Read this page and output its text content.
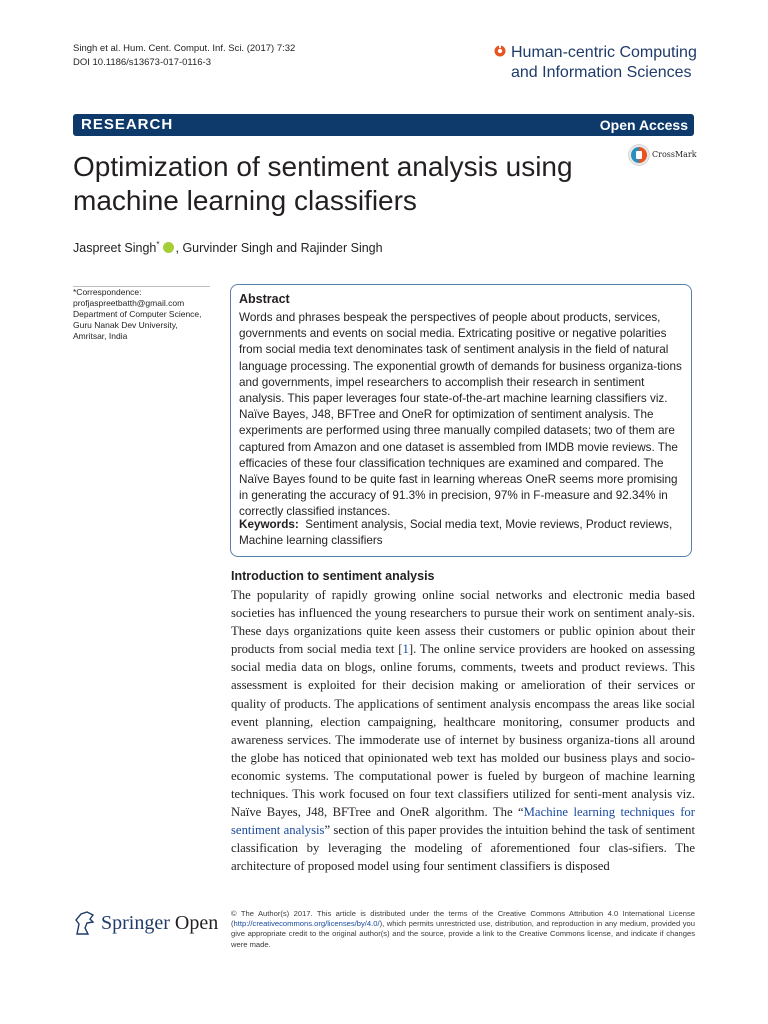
Singh et al. Hum. Cent. Comput. Inf. Sci. (2017) 7:32
DOI 10.1186/s13673-017-0116-3
Human-centric Computing
and Information Sciences
RESEARCH	Open Access
Optimization of sentiment analysis using machine learning classifiers
CrossMark
Jaspreet Singh* , Gurvinder Singh and Rajinder Singh
*Correspondence:
profjaspreetbatth@gmail.com
Department of Computer Science, Guru Nanak Dev University, Amritsar, India
Abstract
Words and phrases bespeak the perspectives of people about products, services, governments and events on social media. Extricating positive or negative polarities from social media text denominates task of sentiment analysis in the field of natural language processing. The exponential growth of demands for business organiza-tions and governments, impel researchers to accomplish their research in sentiment analysis. This paper leverages four state-of-the-art machine learning classifiers viz. Naïve Bayes, J48, BFTree and OneR for optimization of sentiment analysis. The experiments are performed using three manually compiled datasets; two of them are captured from Amazon and one dataset is assembled from IMDB movie reviews. The efficacies of these four classification techniques are examined and compared. The Naïve Bayes found to be quite fast in learning whereas OneR seems more promising in generating the accuracy of 91.3% in precision, 97% in F-measure and 92.34% in correctly classified instances.
Keywords: Sentiment analysis, Social media text, Movie reviews, Product reviews, Machine learning classifiers
Introduction to sentiment analysis
The popularity of rapidly growing online social networks and electronic media based societies has influenced the young researchers to pursue their work on sentiment analy-sis. These days organizations quite keen assess their customers or public opinion about their products from social media text [1]. The online service providers are hooked on assessing social media data on blogs, online forums, comments, tweets and product reviews. This assessment is exploited for their decision making or amelioration of their services or quality of products. The applications of sentiment analysis encompass the areas like social event planning, election campaigning, healthcare monitoring, consumer products and awareness services. The immoderate use of internet by business organiza-tions all around the globe has noticed that opinionated web text has molded our business plays and socio-economic systems. The computational power is fueled by burgeon of machine learning techniques. This work focused on four text classifiers utilized for senti-ment analysis viz. Naïve Bayes, J48, BFTree and OneR algorithm. The “Machine learning techniques for sentiment analysis” section of this paper provides the intuition behind the task of sentiment classification by leveraging the modeling of aforementioned four clas-sifiers. The architecture of proposed model using four sentiment classifiers is disposed
Springer Open © The Author(s) 2017. This article is distributed under the terms of the Creative Commons Attribution 4.0 International License (http://creativecommons.org/licenses/by/4.0/), which permits unrestricted use, distribution, and reproduction in any medium, provided you give appropriate credit to the original author(s) and the source, provide a link to the Creative Commons license, and indicate if changes were made.
